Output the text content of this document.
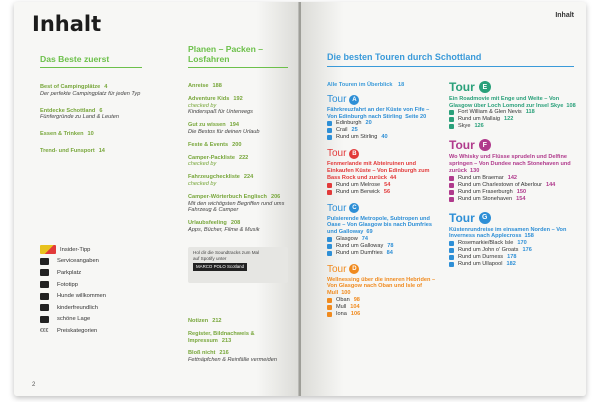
Inhalt
Das Beste zuerst
Best of Campingplätze 4
Der perfekte Campingplatz für jeden Typ
Entdecke Schottland 6
Fünfergründe zu Land & Leuten
Essen & Trinken 10
Trend- und Funsport 14
Planen – Packen –
Losfahren
Anreise 188
Adventure Kids 192
checked by
Kinderspaß für Unterwegs
Gut zu wissen 194
Die Bestos für deinen Urlaub
Feste & Events 200
Camper-Packliste 222
checked by
Fahrzeugcheckliste 224
checked by
Camper-Wörterbuch Englisch 206
Mit den wichtigsten Begriffen rund ums Fahrzeug & Camper
Urlaubsfeeling 208
Apps, Bücher, Filme & Musik
Hol dir die Soundtracks zum Mal
auf Spotify unter
MARCO POLO Scotland
Notizen 212
Register, Bildnachweis & Impressum 213
Bloß nicht 216
Fettnäpfchen & Reinfälle vermeiden
Insider-Tipp
Serviceangaben
Parkplatz
Fototipp
Hunde willkommen
kinderfreundlich
schöne Lage
€€€	Preiskategorien
2
Inhalt
Die besten Touren durch Schottland
Alle Touren im Überblick 18
Tour A
Fährkreuzfahrt an der Küste von Fife – Von Edinburgh nach Stirling Seite 20
Edinburgh 20
Crail 25
Rund um Stirling 40
Tour B
Fenmerlande mit Abteiruinen und Einkaufen Küste – Von Edinburgh zum Bass Rock und zurück 44
Rund um Melrose 54
Rund um Berwick 56
Tour C
Pulsierende Metropole, Subtropen und Oase – Von Glasgow bis nach Dumfries und Galloway 69
Glasgow 74
Rund um Galloway 78
Rund um Dumfries 84
Tour D
Wellnessing über die inneren Hebriden – Von Glasgow nach Oban und Isle of Mull 100
Oban 98
Mull 104
Iona 106
Tour	E
Ein Roadmovie mit Enge und Weite – Von Glasgow über Loch Lomond zur Insel Skye 108
Fort William & Glen Nevis 118
Rund um Mallaig 122
Skye 126
Tour	F
Wo Whisky und Flüsse sprudeln und Delfine springen – Von Dundee nach Stonehaven und zurück 130
Rund um Braemar 142
Rund um Charlestown of Aberlour 144
Rund um Fraserburgh 150
Rund um Stonehaven 154
Tour	G
Küstenrundreise im einsamen Norden – Von Inverness nach Applecross 158
Rosemarkie/Black Isle 170
Rund um John o' Groats 176
Rund um Durness 178
Rund um Ullapool 182
